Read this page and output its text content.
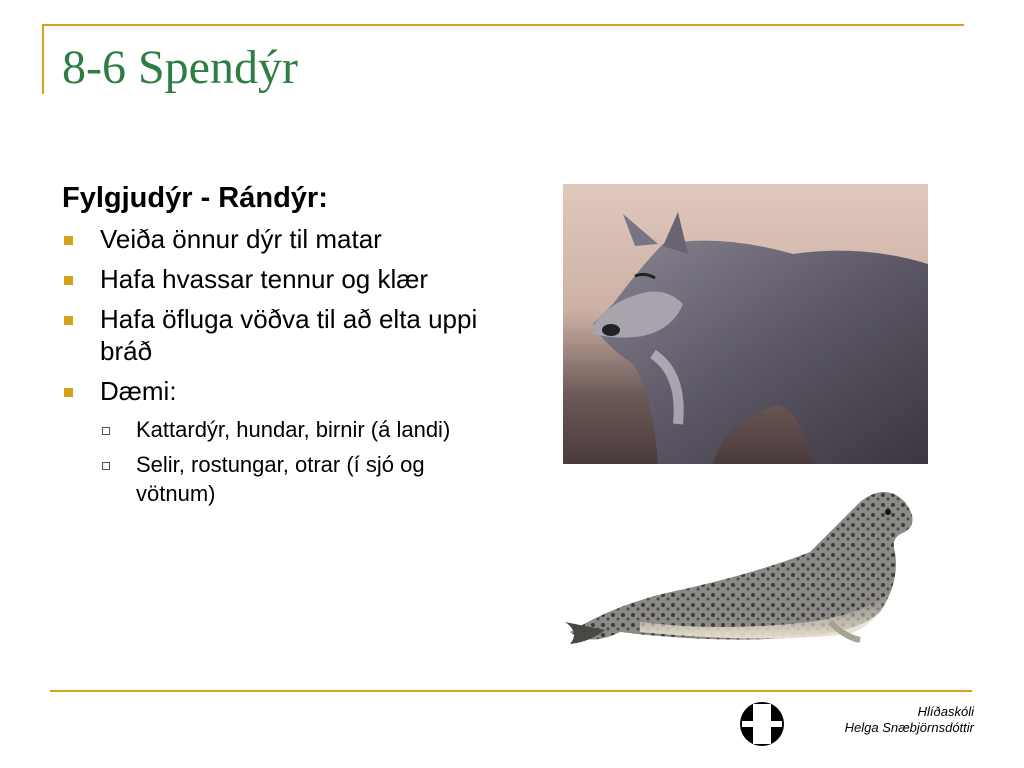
8-6 Spendýr
Fylgjudýr - Rándýr:
Veiða önnur dýr til matar
Hafa hvassar tennur og klær
Hafa öfluga vöðva til að elta uppi bráð
Dæmi:
Kattardýr, hundar, birnir (á landi)
Selir, rostungar, otrar (í sjó og vötnum)
Hlíðaskóli
Helga Snæbjörnsdóttir
